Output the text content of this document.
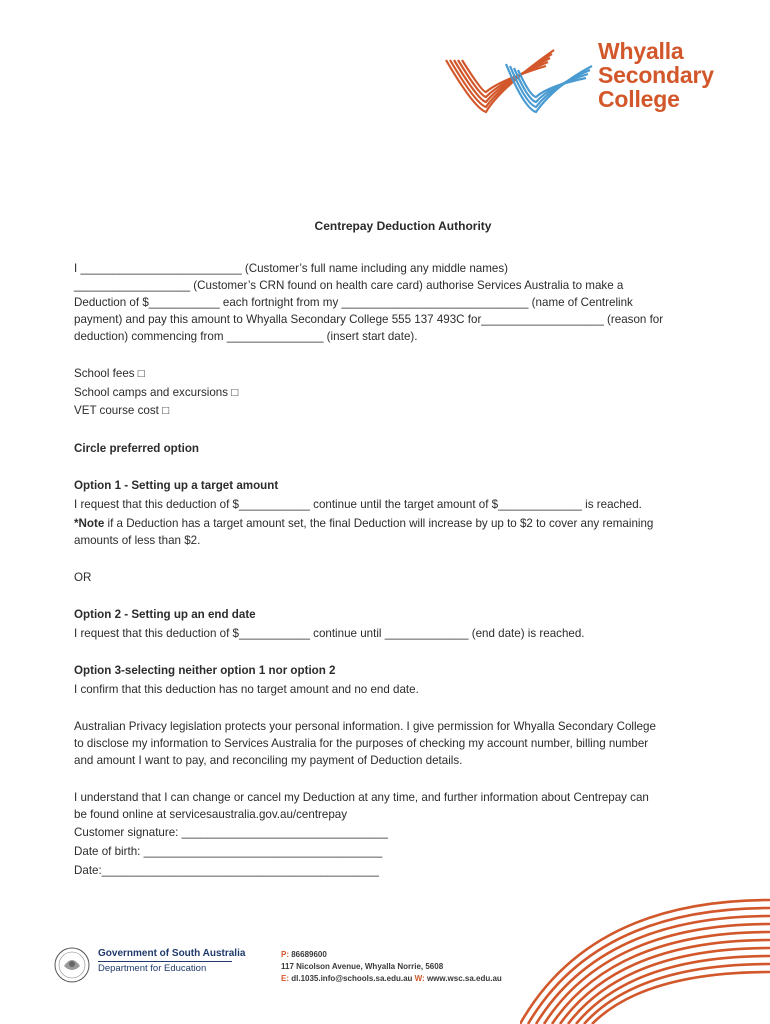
Whyalla
Secondary
College
Centrepay Deduction Authority
I _________________________ (Customer’s full name including any middle names)
__________________ (Customer’s CRN found on health care card) authorise Services Australia to make a
Deduction of $___________ each fortnight from my _____________________________ (name of Centrelink
payment) and pay this amount to Whyalla Secondary College 555 137 493C for___________________ (reason for
deduction) commencing from _______________ (insert start date).
School fees □
School camps and excursions □
VET course cost □
Circle preferred option
Option 1 - Setting up a target amount
I request that this deduction of $___________ continue until the target amount of $_____________ is reached.
*Note if a Deduction has a target amount set, the final Deduction will increase by up to $2 to cover any remaining
amounts of less than $2.
OR
Option 2 - Setting up an end date
I request that this deduction of $___________ continue until _____________ (end date) is reached.
Option 3-selecting neither option 1 nor option 2
I confirm that this deduction has no target amount and no end date.
Australian Privacy legislation protects your personal information. I give permission for Whyalla Secondary College
to disclose my information to Services Australia for the purposes of checking my account number, billing number
and amount I want to pay, and reconciling my payment of Deduction details.
I understand that I can change or cancel my Deduction at any time, and further information about Centrepay can
be found online at servicesaustralia.gov.au/centrepay
Customer signature: ________________________________
Date of birth: _____________________________________
Date:___________________________________________
Government of South Australia
Department for Education
P: 86689600
117 Nicolson Avenue, Whyalla Norrie, 5608
E: dl.1035.info@schools.sa.edu.au W: www.wsc.sa.edu.au
